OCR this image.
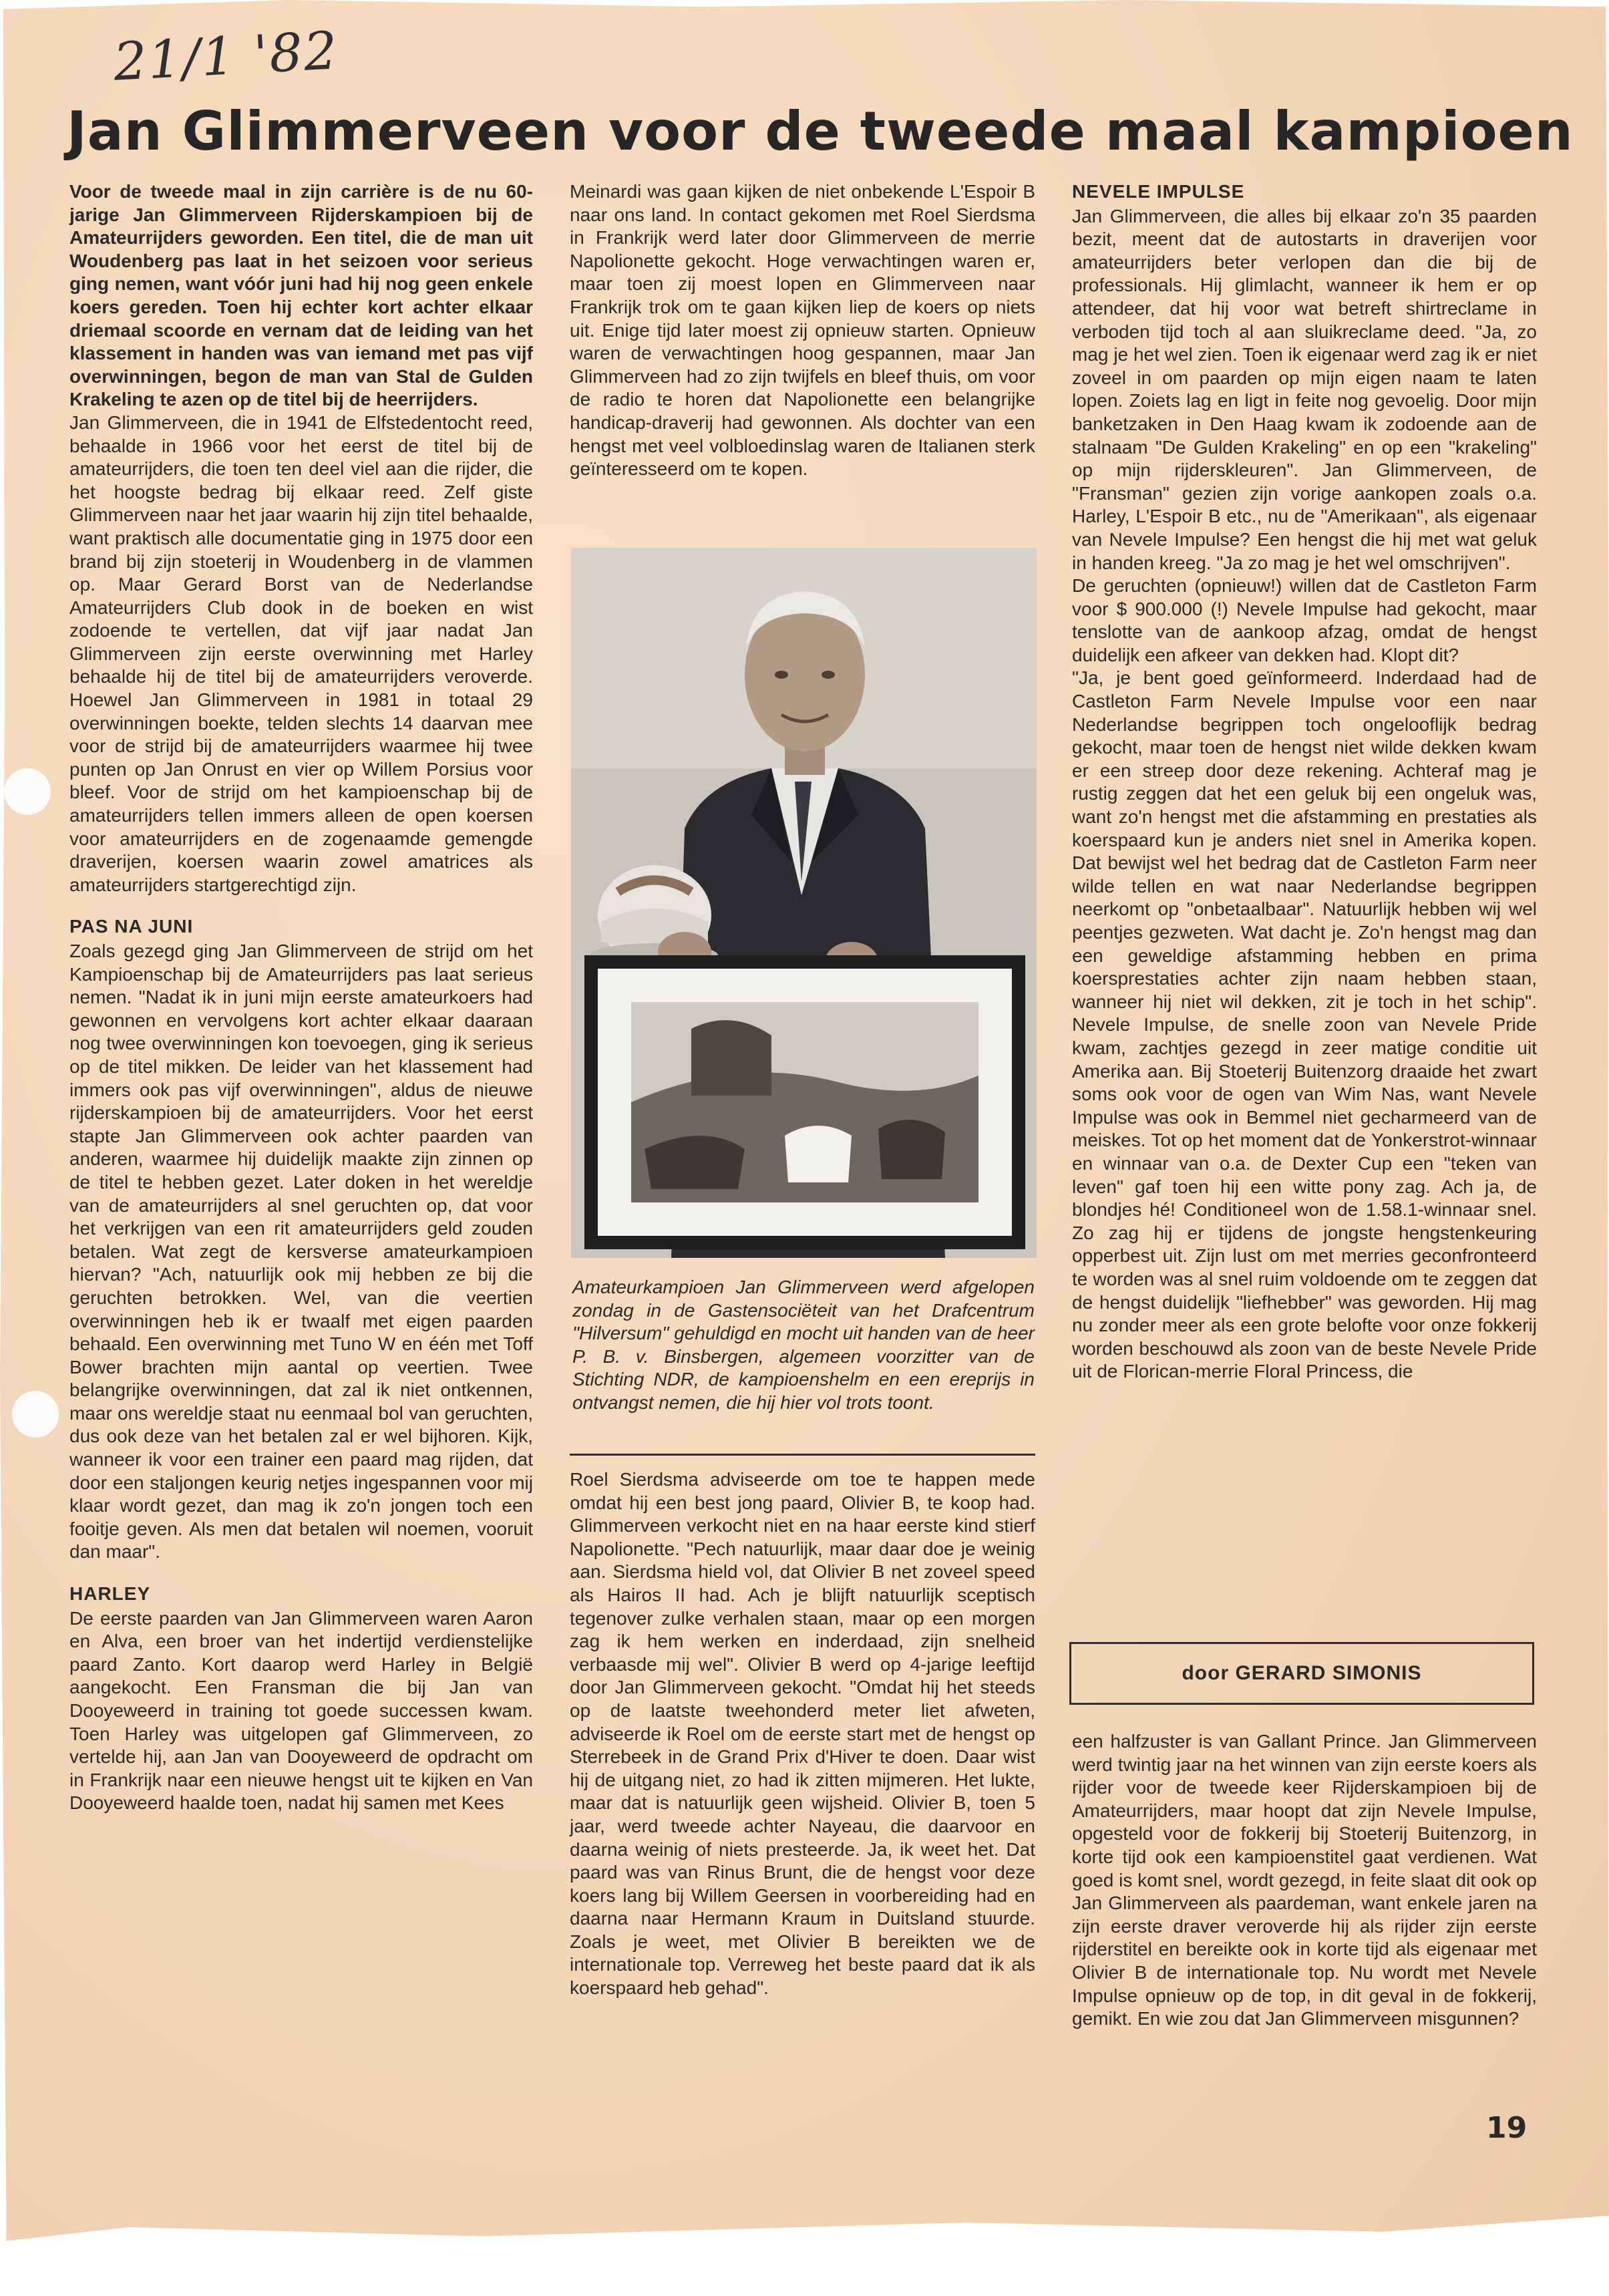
21/1 '82
Jan Glimmerveen voor de tweede maal kampioen

Voor de tweede maal in zijn carrière is de nu 60-jarige Jan Glimmerveen Rijderskampioen bij de Amateurrijders geworden. Een titel, die de man uit Woudenberg pas laat in het seizoen voor serieus ging nemen, want vóór juni had hij nog geen enkele koers gereden. Toen hij echter kort achter elkaar driemaal scoorde en vernam dat de leiding van het klassement in handen was van iemand met pas vijf overwinningen, begon de man van Stal de Gulden Krakeling te azen op de titel bij de heerrijders.

Jan Glimmerveen, die in 1941 de Elfstedentocht reed, behaalde in 1966 voor het eerst de titel bij de amateurrijders, die toen ten deel viel aan die rijder, die het hoogste bedrag bij elkaar reed. Zelf giste Glimmerveen naar het jaar waarin hij zijn titel behaalde, want praktisch alle documentatie ging in 1975 door een brand bij zijn stoeterij in Woudenberg in de vlammen op. Maar Gerard Borst van de Nederlandse Amateurrijders Club dook in de boeken en wist zodoende te vertellen, dat vijf jaar nadat Jan Glimmerveen zijn eerste overwinning met Harley behaalde hij de titel bij de amateurrijders veroverde. Hoewel Jan Glimmerveen in 1981 in totaal 29 overwinningen boekte, telden slechts 14 daarvan mee voor de strijd bij de amateurrijders waarmee hij twee punten op Jan Onrust en vier op Willem Porsius voor bleef. Voor de strijd om het kampioenschap bij de amateurrijders tellen immers alleen de open koersen voor amateurrijders en de zogenaamde gemengde draverijen, koersen waarin zowel amatrices als amateurrijders startgerechtigd zijn.

PAS NA JUNI

Zoals gezegd ging Jan Glimmerveen de strijd om het Kampioenschap bij de Amateurrijders pas laat serieus nemen. "Nadat ik in juni mijn eerste amateurkoers had gewonnen en vervolgens kort achter elkaar daaraan nog twee overwinningen kon toevoegen, ging ik serieus op de titel mikken. De leider van het klassement had immers ook pas vijf overwinningen", aldus de nieuwe rijderskampioen bij de amateurrijders. Voor het eerst stapte Jan Glimmerveen ook achter paarden van anderen, waarmee hij duidelijk maakte zijn zinnen op de titel te hebben gezet. Later doken in het wereldje van de amateurrijders al snel geruchten op, dat voor het verkrijgen van een rit amateurrijders geld zouden betalen. Wat zegt de kersverse amateurkampioen hiervan? "Ach, natuurlijk ook mij hebben ze bij die geruchten betrokken. Wel, van die veertien overwinningen heb ik er twaalf met eigen paarden behaald. Een overwinning met Tuno W en één met Toff Bower brachten mijn aantal op veertien. Twee belangrijke overwinningen, dat zal ik niet ontkennen, maar ons wereldje staat nu eenmaal bol van geruchten, dus ook deze van het betalen zal er wel bijhoren. Kijk, wanneer ik voor een trainer een paard mag rijden, dat door een staljongen keurig netjes ingespannen voor mij klaar wordt gezet, dan mag ik zo'n jongen toch een fooitje geven. Als men dat betalen wil noemen, vooruit dan maar".

HARLEY

De eerste paarden van Jan Glimmerveen waren Aaron en Alva, een broer van het indertijd verdienstelijke paard Zanto. Kort daarop werd Harley in België aangekocht. Een Fransman die bij Jan van Dooyeweerd in training tot goede successen kwam. Toen Harley was uitgelopen gaf Glimmerveen, zo vertelde hij, aan Jan van Dooyeweerd de opdracht om in Frankrijk naar een nieuwe hengst uit te kijken en Van Dooyeweerd haalde toen, nadat hij samen met Kees

Meinardi was gaan kijken de niet onbekende L'Espoir B naar ons land. In contact gekomen met Roel Sierdsma in Frankrijk werd later door Glimmerveen de merrie Napolionette gekocht. Hoge verwachtingen waren er, maar toen zij moest lopen en Glimmerveen naar Frankrijk trok om te gaan kijken liep de koers op niets uit. Enige tijd later moest zij opnieuw starten. Opnieuw waren de verwachtingen hoog gespannen, maar Jan Glimmerveen had zo zijn twijfels en bleef thuis, om voor de radio te horen dat Napolionette een belangrijke handicap-draverij had gewonnen. Als dochter van een hengst met veel volbloedinslag waren de Italianen sterk geïnteresseerd om te kopen.

Amateurkampioen Jan Glimmerveen werd afgelopen zondag in de Gastensociëteit van het Drafcentrum "Hilversum" gehuldigd en mocht uit handen van de heer P. B. v. Binsbergen, algemeen voorzitter van de Stichting NDR, de kampioenshelm en een ereprijs in ontvangst nemen, die hij hier vol trots toont.

Roel Sierdsma adviseerde om toe te happen mede omdat hij een best jong paard, Olivier B, te koop had. Glimmerveen verkocht niet en na haar eerste kind stierf Napolionette. "Pech natuurlijk, maar daar doe je weinig aan. Sierdsma hield vol, dat Olivier B net zoveel speed als Hairos II had. Ach je blijft natuurlijk sceptisch tegenover zulke verhalen staan, maar op een morgen zag ik hem werken en inderdaad, zijn snelheid verbaasde mij wel". Olivier B werd op 4-jarige leeftijd door Jan Glimmerveen gekocht. "Omdat hij het steeds op de laatste tweehonderd meter liet afweten, adviseerde ik Roel om de eerste start met de hengst op Sterrebeek in de Grand Prix d'Hiver te doen. Daar wist hij de uitgang niet, zo had ik zitten mijmeren. Het lukte, maar dat is natuurlijk geen wijsheid. Olivier B, toen 5 jaar, werd tweede achter Nayeau, die daarvoor en daarna weinig of niets presteerde. Ja, ik weet het. Dat paard was van Rinus Brunt, die de hengst voor deze koers lang bij Willem Geersen in voorbereiding had en daarna naar Hermann Kraum in Duitsland stuurde. Zoals je weet, met Olivier B bereikten we de internationale top. Verreweg het beste paard dat ik als koerspaard heb gehad".

NEVELE IMPULSE

Jan Glimmerveen, die alles bij elkaar zo'n 35 paarden bezit, meent dat de autostarts in draverijen voor amateurrijders beter verlopen dan die bij de professionals. Hij glimlacht, wanneer ik hem er op attendeer, dat hij voor wat betreft shirtreclame in verboden tijd toch al aan sluikreclame deed. "Ja, zo mag je het wel zien. Toen ik eigenaar werd zag ik er niet zoveel in om paarden op mijn eigen naam te laten lopen. Zoiets lag en ligt in feite nog gevoelig. Door mijn banketzaken in Den Haag kwam ik zodoende aan de stalnaam "De Gulden Krakeling" en op een "krakeling" op mijn rijderskleuren". Jan Glimmerveen, de "Fransman" gezien zijn vorige aankopen zoals o.a. Harley, L'Espoir B etc., nu de "Amerikaan", als eigenaar van Nevele Impulse? Een hengst die hij met wat geluk in handen kreeg. "Ja zo mag je het wel omschrijven".

De geruchten (opnieuw!) willen dat de Castleton Farm voor $ 900.000 (!) Nevele Impulse had gekocht, maar tenslotte van de aankoop afzag, omdat de hengst duidelijk een afkeer van dekken had. Klopt dit?

"Ja, je bent goed geïnformeerd. Inderdaad had de Castleton Farm Nevele Impulse voor een naar Nederlandse begrippen toch ongelooflijk bedrag gekocht, maar toen de hengst niet wilde dekken kwam er een streep door deze rekening. Achteraf mag je rustig zeggen dat het een geluk bij een ongeluk was, want zo'n hengst met die afstamming en prestaties als koerspaard kun je anders niet snel in Amerika kopen. Dat bewijst wel het bedrag dat de Castleton Farm neer wilde tellen en wat naar Nederlandse begrippen neerkomt op "onbetaalbaar". Natuurlijk hebben wij wel peentjes gezweten. Wat dacht je. Zo'n hengst mag dan een geweldige afstamming hebben en prima koersprestaties achter zijn naam hebben staan, wanneer hij niet wil dekken, zit je toch in het schip". Nevele Impulse, de snelle zoon van Nevele Pride kwam, zachtjes gezegd in zeer matige conditie uit Amerika aan. Bij Stoeterij Buitenzorg draaide het zwart soms ook voor de ogen van Wim Nas, want Nevele Impulse was ook in Bemmel niet gecharmeerd van de meiskes. Tot op het moment dat de Yonkerstrot-winnaar en winnaar van o.a. de Dexter Cup een "teken van leven" gaf toen hij een witte pony zag. Ach ja, de blondjes hé! Conditioneel won de 1.58.1-winnaar snel. Zo zag hij er tijdens de jongste hengstenkeuring opperbest uit. Zijn lust om met merries geconfronteerd te worden was al snel ruim voldoende om te zeggen dat de hengst duidelijk "liefhebber" was geworden. Hij mag nu zonder meer als een grote belofte voor onze fokkerij worden beschouwd als zoon van de beste Nevele Pride uit de Florican-merrie Floral Princess, die

door GERARD SIMONIS

een halfzuster is van Gallant Prince. Jan Glimmerveen werd twintig jaar na het winnen van zijn eerste koers als rijder voor de tweede keer Rijderskampioen bij de Amateurrijders, maar hoopt dat zijn Nevele Impulse, opgesteld voor de fokkerij bij Stoeterij Buitenzorg, in korte tijd ook een kampioenstitel gaat verdienen. Wat goed is komt snel, wordt gezegd, in feite slaat dit ook op Jan Glimmerveen als paardeman, want enkele jaren na zijn eerste draver veroverde hij als rijder zijn eerste rijderstitel en bereikte ook in korte tijd als eigenaar met Olivier B de internationale top. Nu wordt met Nevele Impulse opnieuw op de top, in dit geval in de fokkerij, gemikt. En wie zou dat Jan Glimmerveen misgunnen?

19
